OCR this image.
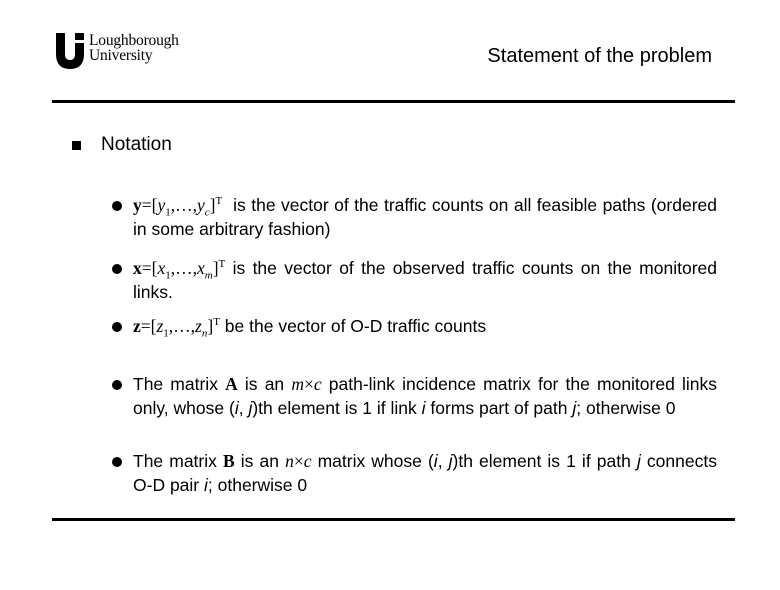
Loughborough
University	Statement of the problem
Notation
$y=[y_1,\dots,y_c]^T$ is the vector of the traffic counts on all feasible paths (ordered in some arbitrary fashion)
$x=[x_1,\dots,x_m]^T$ is the vector of the observed traffic counts on the monitored links.
$z=[z_1,\dots,z_n]^T$ be the vector of O-D traffic counts
The matrix A is an m×c path-link incidence matrix for the monitored links only, whose (i, j)th element is 1 if link i forms part of path j; otherwise 0
The matrix B is an n×c matrix whose (i, j)th element is 1 if path j connects O-D pair i; otherwise 0
